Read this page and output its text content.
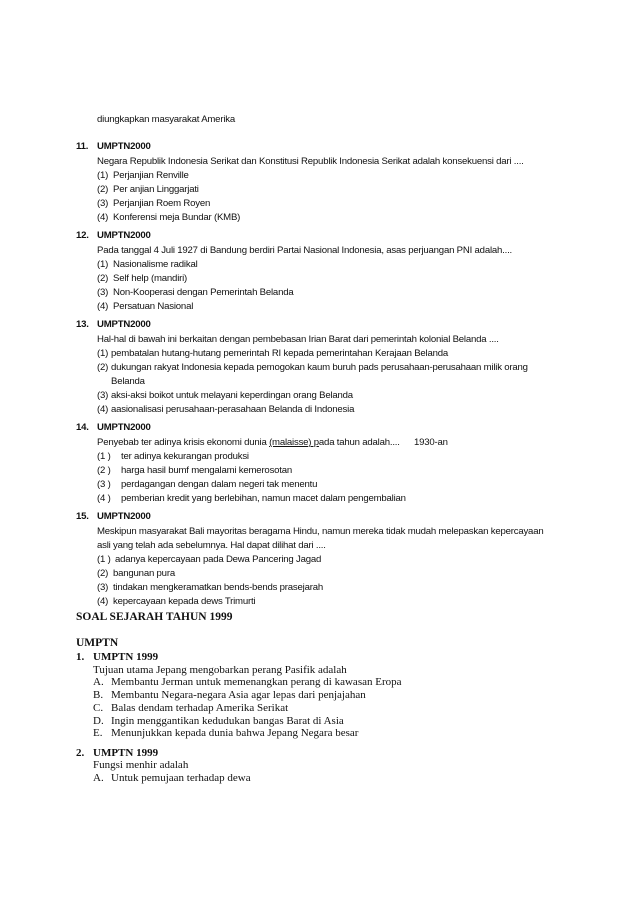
diungkapkan masyarakat Amerika
11. UMPTN2000
Negara Republik Indonesia Serikat dan Konstitusi Republik Indonesia Serikat adalah konsekuensi dari ....
(1) Perjanjian Renville
(2) Per anjian Linggarjati
(3) Perjanjian Roem Royen
(4) Konferensi meja Bundar (KMB)
12. UMPTN2000
Pada tanggal 4 Juli 1927 di Bandung berdiri Partai Nasional Indonesia, asas perjuangan PNI adalah....
(1) Nasionalisme radikal
(2) Self help (mandiri)
(3) Non-Kooperasi dengan Pemerintah Belanda
(4) Persatuan Nasional
13. UMPTN2000
Hal-hal di bawah ini berkaitan dengan pembebasan Irian Barat dari pemerintah kolonial Belanda ....
(1) pembatalan hutang-hutang pemerintah RI kepada pemerintahan Kerajaan Belanda
(2) dukungan rakyat Indonesia kepada pemogokan kaum buruh pads perusahaan-perusahaan milik orang
Belanda
(3) aksi-aksi boikot untuk melayani keperdingan orang Belanda
(4) aasionalisasi perusahaan-perasahaan Belanda di Indonesia
14. UMPTN2000
Penyebab ter adinya krisis ekonomi dunia (malaisse) pada tahun adalah.... 1930-an
(1 ) ter adinya kekurangan produksi
(2 ) harga hasil bumf mengalami kemerosotan
(3 ) perdagangan dengan dalam negeri tak menentu
(4 ) pemberian kredit yang berlebihan, namun macet dalam pengembalian
15. UMPTN2000
Meskipun masyarakat Bali mayoritas beragama Hindu, namun mereka tidak mudah melepaskan kepercayaan
asli yang telah ada sebelumnya. Hal dapat dilihat dari ....
(1 ) adanya kepercayaan pada Dewa Pancering Jagad
(2) bangunan pura
(3) tindakan mengkeramatkan bends-bends prasejarah
(4) kepercayaan kepada dews Trimurti
SOAL SEJARAH TAHUN 1999
UMPTN
1. UMPTN 1999
Tujuan utama Jepang mengobarkan perang Pasifik adalah
A. Membantu Jerman untuk memenangkan perang di kawasan Eropa
B. Membantu Negara-negara Asia agar lepas dari penjajahan
C. Balas dendam terhadap Amerika Serikat
D. Ingin menggantikan kedudukan bangas Barat di Asia
E. Menunjukkan kepada dunia bahwa Jepang Negara besar
2. UMPTN 1999
Fungsi menhir adalah
A. Untuk pemujaan terhadap dewa
